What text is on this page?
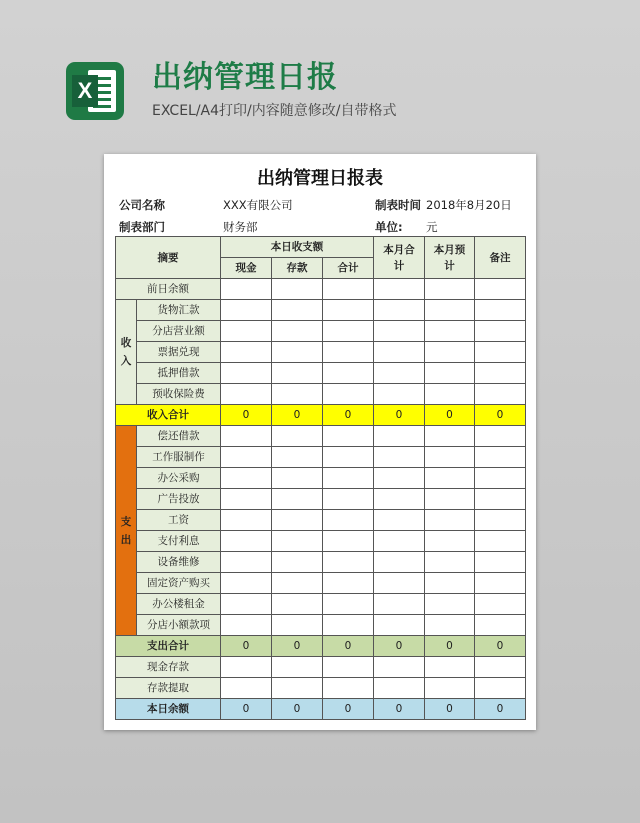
X 出纳管理日报
EXCEL/A4打印/内容随意修改/自带格式
出纳管理日报表
公司名称	XXX有限公司	制表时间 2018年8月20日
制表部门	财务部	单位: 元
摘要		本日收支额			本月合计	本月预计	备注
		现金	存款	合计			
前日余额							
收入	货物汇款						
	分店营业额						
	票据兑现						
	抵押借款						
	预收保险费						
收入合计		0	0	0	0	0	0
支出	偿还借款						
	工作服制作						
	办公采购						
	广告投放						
	工资						
	支付利息						
	设备维修						
	固定资产购买						
	办公楼租金						
	分店小额款项						
支出合计		0	0	0	0	0	0
现金存款							
存款提取							
本日余额		0	0	0	0	0	0
